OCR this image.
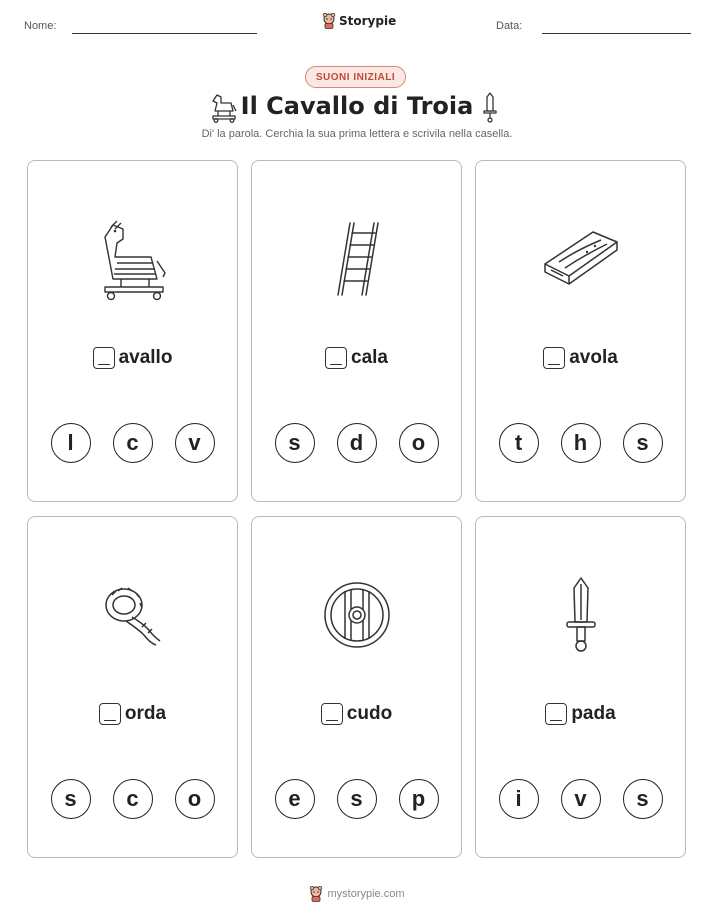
Nome:	Storypie	Data:
SUONI INIZIALI
Il Cavallo di Troia
Di' la parola. Cerchia la sua prima lettera e scrivila nella casella.
avallo
l	c	v
cala
s	d	o
avola
t	h	s
orda
s	c	o
cudo
e	s	p
pada
i	v	s
mystorypie.com
